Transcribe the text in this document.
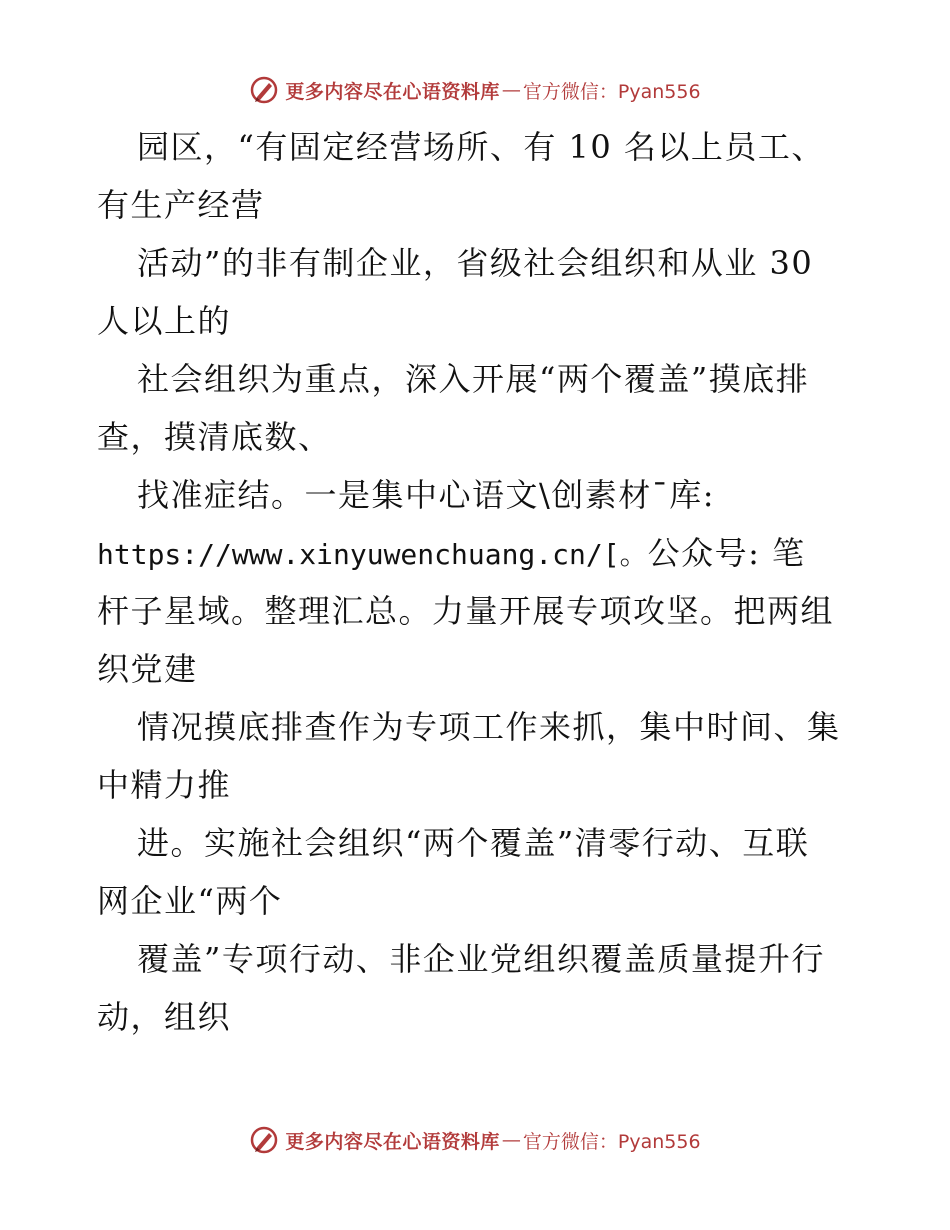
更多内容尽在心语资料库 — 官方微信：Pyan556
园区，“有固定经营场所、有 10 名以上员工、
有生产经营
活动”的非有制企业，省级社会组织和从业 30
人以上的
社会组织为重点，深入开展“两个覆盖”摸底排
查，摸清底数、
找准症结。一是集中心语文\创素材¯库:
https://www.xinyuwenchuang.cn/[。公众号: 笔
杆子星域。整理汇总。力量开展专项攻坚。把两组
织党建
情况摸底排查作为专项工作来抓，集中时间、集
中精力推
进。实施社会组织“两个覆盖”清零行动、互联
网企业“两个
覆盖”专项行动、非企业党组织覆盖质量提升行
动，组织
更多内容尽在心语资料库 — 官方微信：Pyan556
